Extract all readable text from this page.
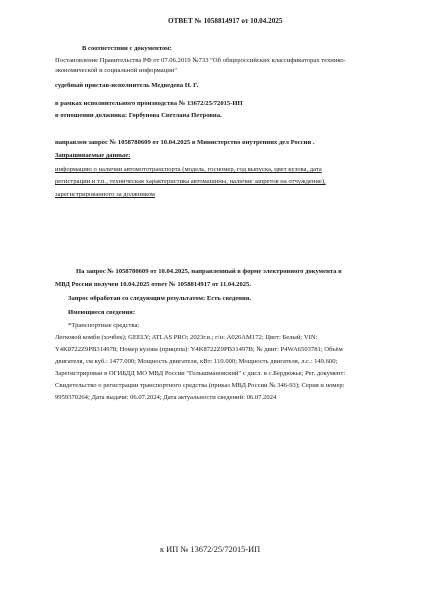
ОТВЕТ № 1058814917 от 10.04.2025
В соответствии с документом:
Постановление Правительства РФ от 07.06.2019 №733 "Об общероссийских классификаторах технико-
экономической и социальной информации"
судебный пристав-исполнитель Медведева Н. Г.
в рамках исполнительного производства № 13672/25/72015-ИП
в отношении должника: Горбунова Светлана Петровна.
направлен запрос № 1058780609 от 10.04.2025 в Министерство внутренних дел России .
Запрашиваемые данные:
информацию о наличии автомототранспорта (модель, госномер, год выпуска, цвет кузова, дата
регистрации и т.п., техническая характеристика автомашины, наличие запретов на отчуждение),
зарегистрированного за должником
На запрос № 1058780609 от 10.04.2025, направленный в форме электронного документа в
МВД России получен 10.04.2025 ответ № 1058814917 от 11.04.2025.
Запрос обработан со следующим результатом: Есть сведения.
Имеющиеся сведения:
*Транспортные средства:
Легковой комби (хэчбек); GEELY; ATLAS PRO; 2023г.в.; г/н: А026АМ172; Цвет: Белый; VIN:
Y4K8722Z9PB314978; Номер кузова (прицепа): Y4K8722Z9PB31497В; № двиг: P4WA6503781; Объём
двигателя, см куб.: 1477.000; Мощность двигателя, кВт: 110.000; Мощность двигателя, л.с.: 149.600;
Зарегистрирован в ОГИБДД МО МВД России "Голышмановский" с дисл. в с.Бердюжье; Рег. документ:
Свидетельство о регистрации транспортного средства (приказ МВД России № 346-93); Серия и номер:
9959370264; Дата выдачи: 06.07.2024; Дата актуальности сведений: 06.07.2024
к ИП № 13672/25/72015-ИП
